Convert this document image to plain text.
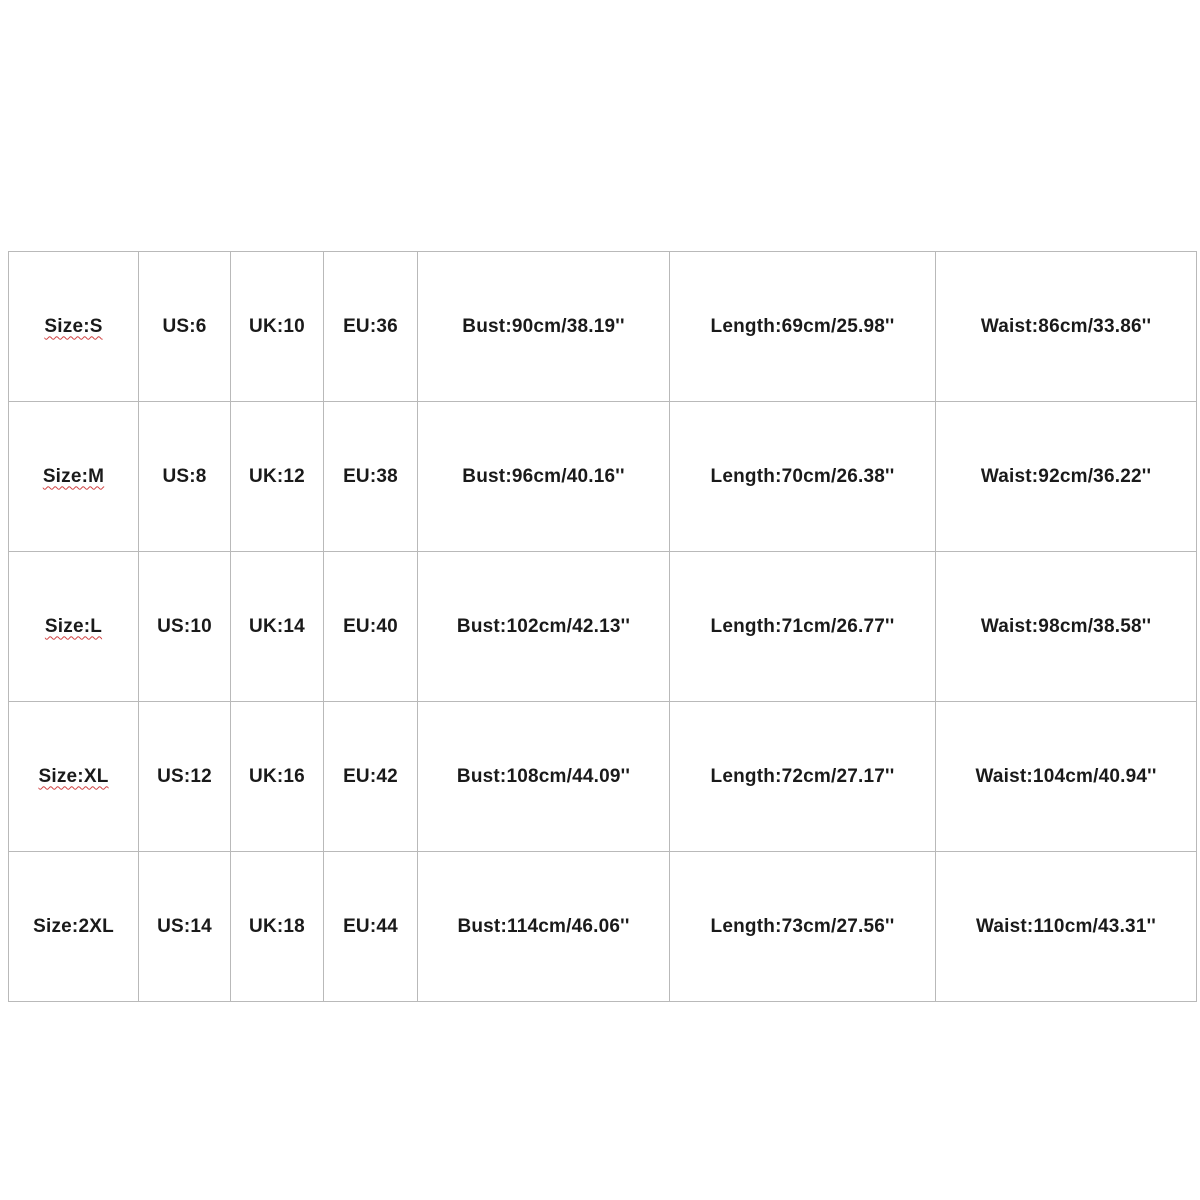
Size:S	US:6	UK:10	EU:36	Bust:90cm/38.19''	Length:69cm/25.98''	Waist:86cm/33.86''
Size:M	US:8	UK:12	EU:38	Bust:96cm/40.16''	Length:70cm/26.38''	Waist:92cm/36.22''
Size:L	US:10	UK:14	EU:40	Bust:102cm/42.13''	Length:71cm/26.77''	Waist:98cm/38.58''
Size:XL	US:12	UK:16	EU:42	Bust:108cm/44.09''	Length:72cm/27.17''	Waist:104cm/40.94''
Size:2XL	US:14	UK:18	EU:44	Bust:114cm/46.06''	Length:73cm/27.56''	Waist:110cm/43.31''
